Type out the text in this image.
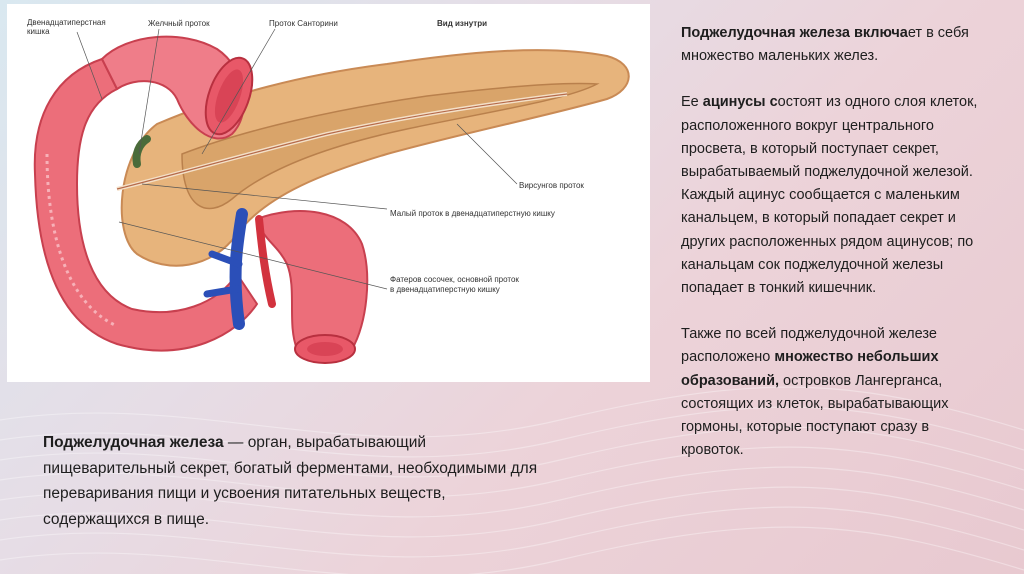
Двенадцатиперстная кишка
Желчный проток	Проток Санторини	Вид изнутри
Вирсунгов проток
Малый проток в двенадцатиперстную кишку
Фатеров сосочек, основной проток
в двенадцатиперстную кишку

Поджелудочная железа включает в себя множество маленьких желез.

Ее ацинусы состоят из одного слоя клеток, расположенного вокруг центрального просвета, в который поступает секрет, вырабатываемый поджелудочной железой. Каждый ацинус сообщается с маленьким канальцем, в который попадает секрет и других расположенных рядом ацинусов; по канальцам сок поджелудочной железы попадает в тонкий кишечник.

Также по всей поджелудочной железе расположено множество небольших образований, островков Лангерганса, состоящих из клеток, вырабатывающих гормоны, которые поступают сразу в кровоток.

Поджелудочная железа — орган, вырабатывающий пищеварительный секрет, богатый ферментами, необходимыми для переваривания пищи и усвоения питательных веществ, содержащихся в пище.
